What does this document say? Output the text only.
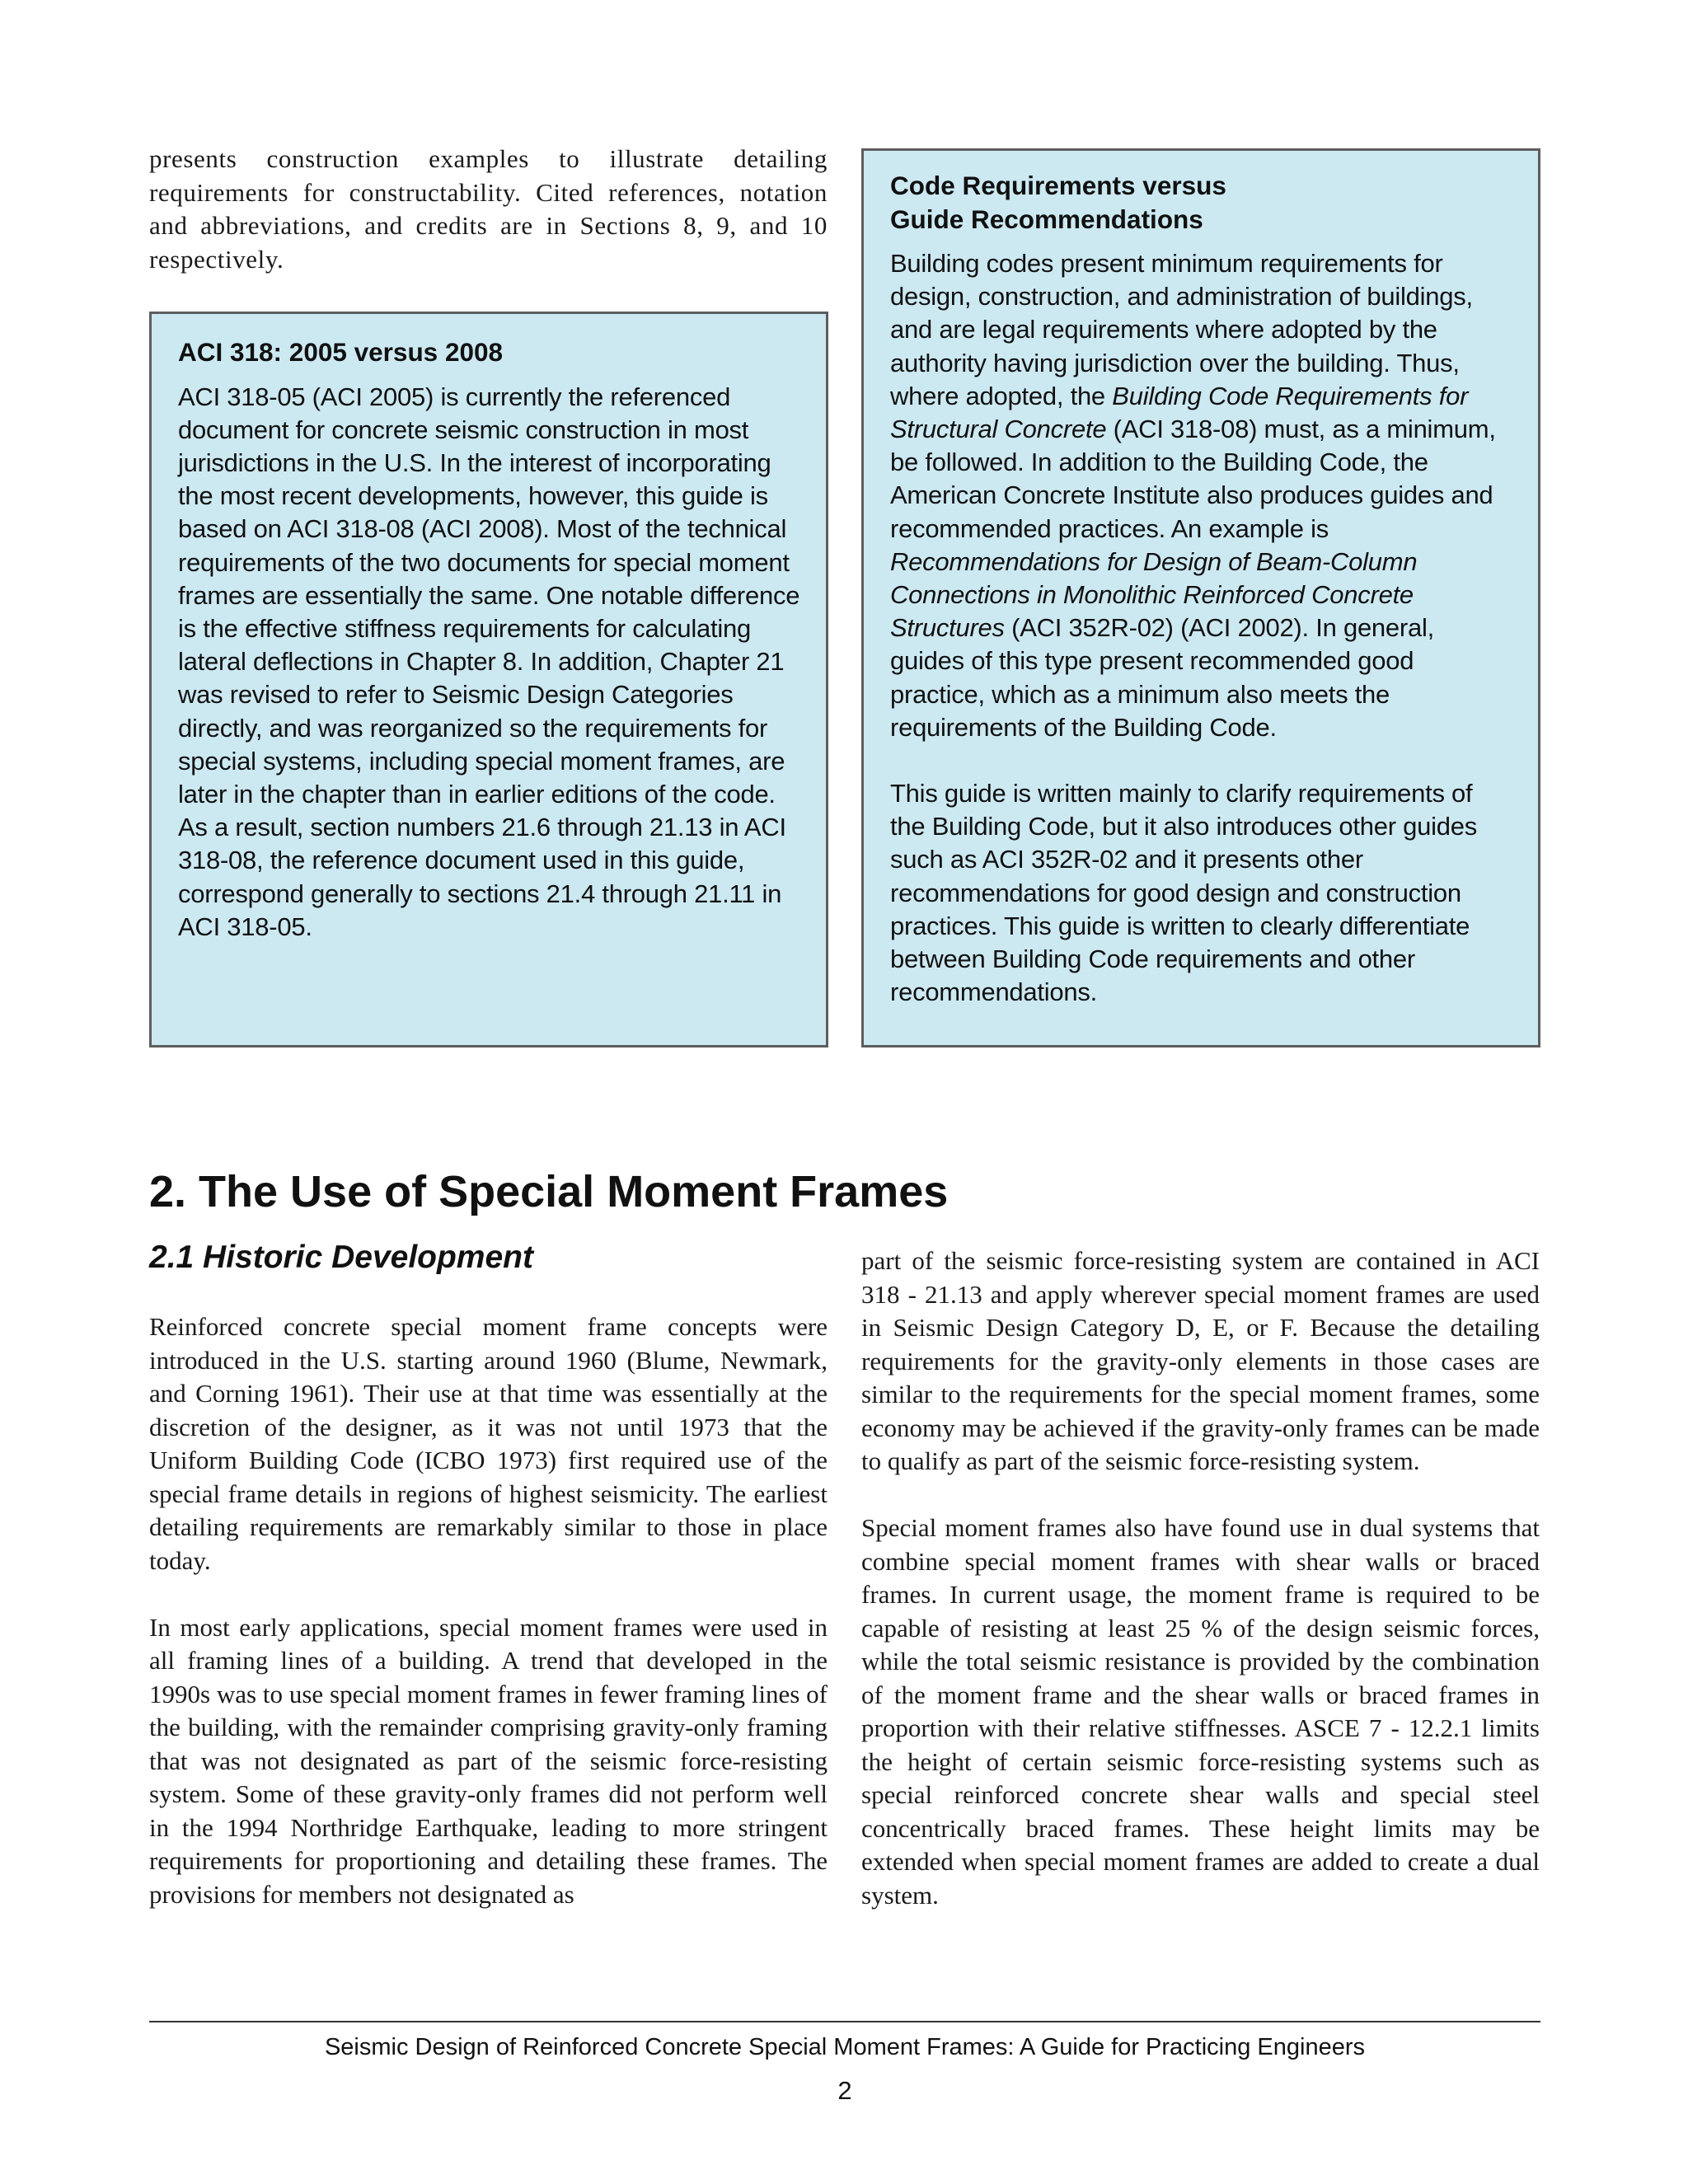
presents construction examples to illustrate detailing requirements for constructability. Cited references, notation and abbreviations, and credits are in Sections 8, 9, and 10 respectively.

ACI 318: 2005 versus 2008

ACI 318-05 (ACI 2005) is currently the referenced document for concrete seismic construction in most jurisdictions in the U.S. In the interest of incorporating the most recent developments, however, this guide is based on ACI 318-08 (ACI 2008). Most of the technical requirements of the two documents for special moment frames are essentially the same. One notable difference is the effective stiffness requirements for calculating lateral deflections in Chapter 8. In addition, Chapter 21 was revised to refer to Seismic Design Categories directly, and was reorganized so the requirements for special systems, including special moment frames, are later in the chapter than in earlier editions of the code. As a result, section numbers 21.6 through 21.13 in ACI 318-08, the reference document used in this guide, correspond generally to sections 21.4 through 21.11 in ACI 318-05.

Code Requirements versus
Guide Recommendations

Building codes present minimum requirements for design, construction, and administration of buildings, and are legal requirements where adopted by the authority having jurisdiction over the building. Thus, where adopted, the Building Code Requirements for Structural Concrete (ACI 318-08) must, as a minimum, be followed. In addition to the Building Code, the American Concrete Institute also produces guides and recommended practices. An example is Recommendations for Design of Beam-Column Connections in Monolithic Reinforced Concrete Structures (ACI 352R-02) (ACI 2002). In general, guides of this type present recommended good practice, which as a minimum also meets the requirements of the Building Code.

This guide is written mainly to clarify requirements of the Building Code, but it also introduces other guides such as ACI 352R-02 and it presents other recommendations for good design and construction practices. This guide is written to clearly differentiate between Building Code requirements and other recommendations.

2. The Use of Special Moment Frames
2.1 Historic Development

Reinforced concrete special moment frame concepts were introduced in the U.S. starting around 1960 (Blume, Newmark, and Corning 1961). Their use at that time was essentially at the discretion of the designer, as it was not until 1973 that the Uniform Building Code (ICBO 1973) first required use of the special frame details in regions of highest seismicity. The earliest detailing requirements are remarkably similar to those in place today.

In most early applications, special moment frames were used in all framing lines of a building. A trend that developed in the 1990s was to use special moment frames in fewer framing lines of the building, with the remainder comprising gravity-only framing that was not designated as part of the seismic force-resisting system. Some of these gravity-only frames did not perform well in the 1994 Northridge Earthquake, leading to more stringent requirements for proportioning and detailing these frames. The provisions for members not designated as

part of the seismic force-resisting system are contained in ACI 318 - 21.13 and apply wherever special moment frames are used in Seismic Design Category D, E, or F. Because the detailing requirements for the gravity-only elements in those cases are similar to the requirements for the special moment frames, some economy may be achieved if the gravity-only frames can be made to qualify as part of the seismic force-resisting system.

Special moment frames also have found use in dual systems that combine special moment frames with shear walls or braced frames. In current usage, the moment frame is required to be capable of resisting at least 25 % of the design seismic forces, while the total seismic resistance is provided by the combination of the moment frame and the shear walls or braced frames in proportion with their relative stiffnesses. ASCE 7 - 12.2.1 limits the height of certain seismic force-resisting systems such as special reinforced concrete shear walls and special steel concentrically braced frames. These height limits may be extended when special moment frames are added to create a dual system.

Seismic Design of Reinforced Concrete Special Moment Frames: A Guide for Practicing Engineers

2
